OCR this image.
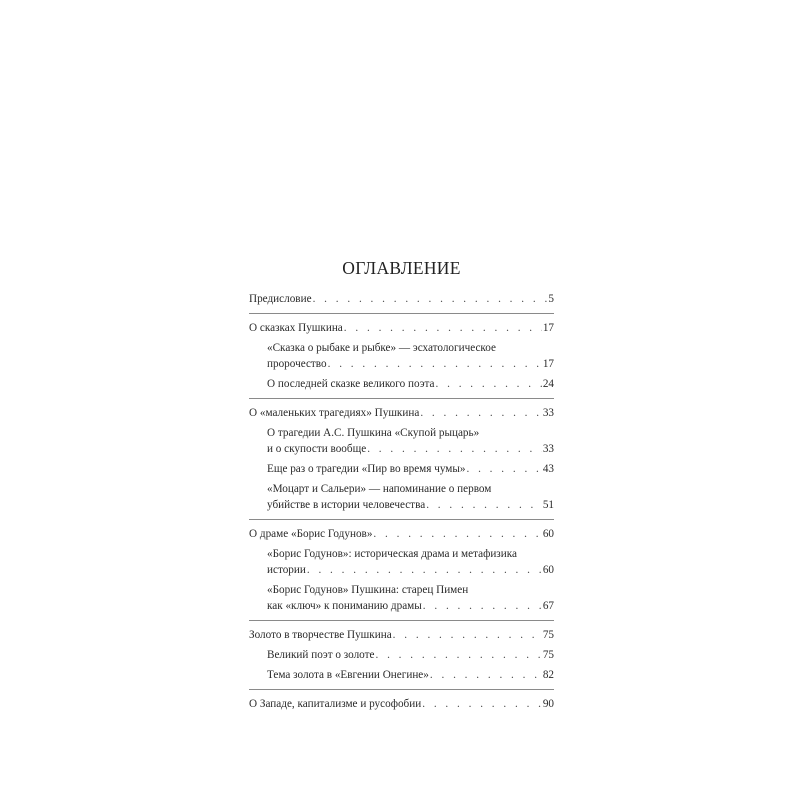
ОГЛАВЛЕНИЕ
Предисловие . . .	5
О сказках Пушкина . . .	17
«Сказка о рыбаке и рыбке» — эсхатологическое
пророчество . . .	17
О последней сказке великого поэта . . .	24
О «маленьких трагедиях» Пушкина . . .	33
О трагедии А.С. Пушкина «Скупой рыцарь»
и о скупости вообще . . .	33
Еще раз о трагедии «Пир во время чумы» . . .	43
«Моцарт и Сальери» — напоминание о первом
убийстве в истории человечества . . .	51
О драме «Борис Годунов» . . .	60
«Борис Годунов»: историческая драма и метафизика
истории . . .	60
«Борис Годунов» Пушкина: старец Пимен
как «ключ» к пониманию драмы . . .	67
Золото в творчестве Пушкина . . .	75
Великий поэт о золоте . . .	75
Тема золота в «Евгении Онегине» . . .	82
О Западе, капитализме и русофобии . . .	90
